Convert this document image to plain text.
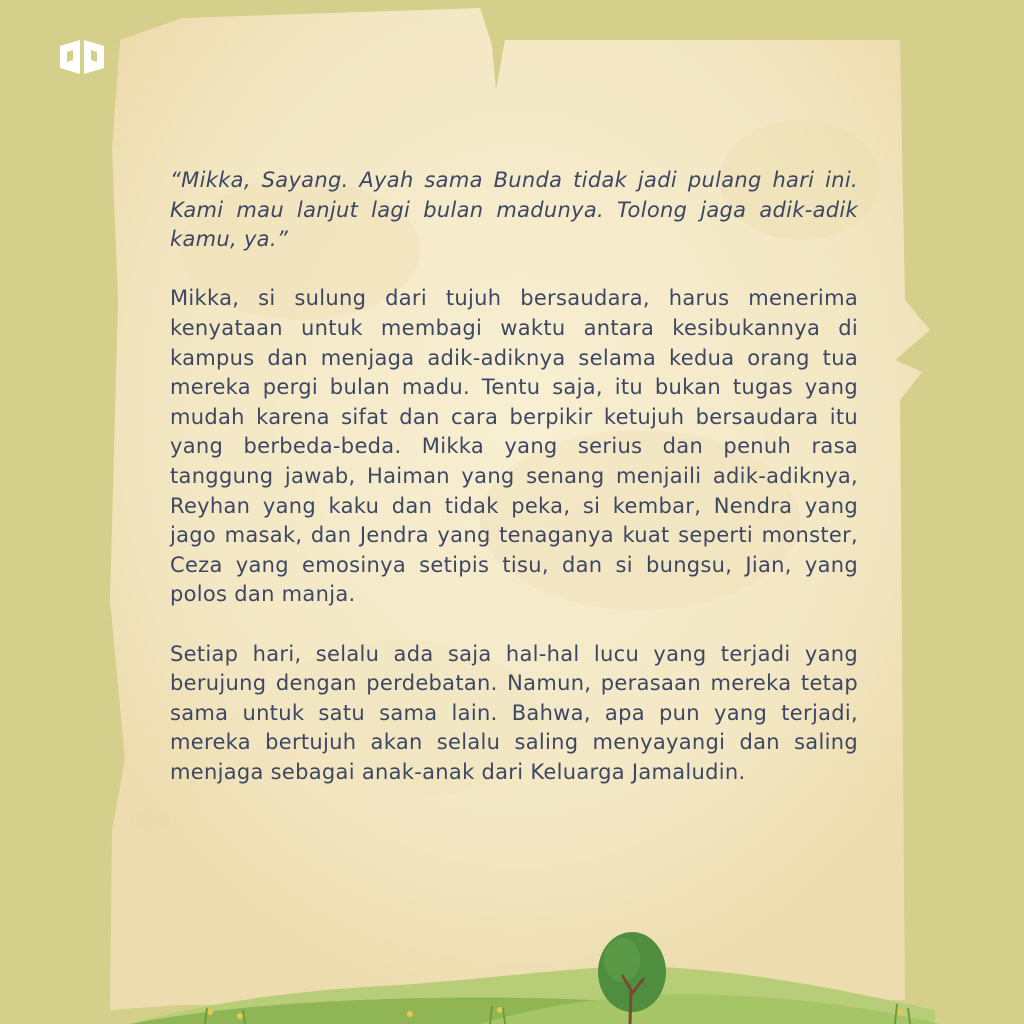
“Mikka, Sayang. Ayah sama Bunda tidak jadi pulang hari ini. Kami mau lanjut lagi bulan madunya. Tolong jaga adik-adik kamu, ya.”

Mikka, si sulung dari tujuh bersaudara, harus menerima kenyataan untuk membagi waktu antara kesibukannya di kampus dan menjaga adik-adiknya selama kedua orang tua mereka pergi bulan madu. Tentu saja, itu bukan tugas yang mudah karena sifat dan cara berpikir ketujuh bersaudara itu yang berbeda-beda. Mikka yang serius dan penuh rasa tanggung jawab, Haiman yang senang menjaili adik-adiknya, Reyhan yang kaku dan tidak peka, si kembar, Nendra yang jago masak, dan Jendra yang tenaganya kuat seperti monster, Ceza yang emosinya setipis tisu, dan si bungsu, Jian, yang polos dan manja.

Setiap hari, selalu ada saja hal-hal lucu yang terjadi yang berujung dengan perdebatan. Namun, perasaan mereka tetap sama untuk satu sama lain. Bahwa, apa pun yang terjadi, mereka bertujuh akan selalu saling menyayangi dan saling menjaga sebagai anak-anak dari Keluarga Jamaludin.
